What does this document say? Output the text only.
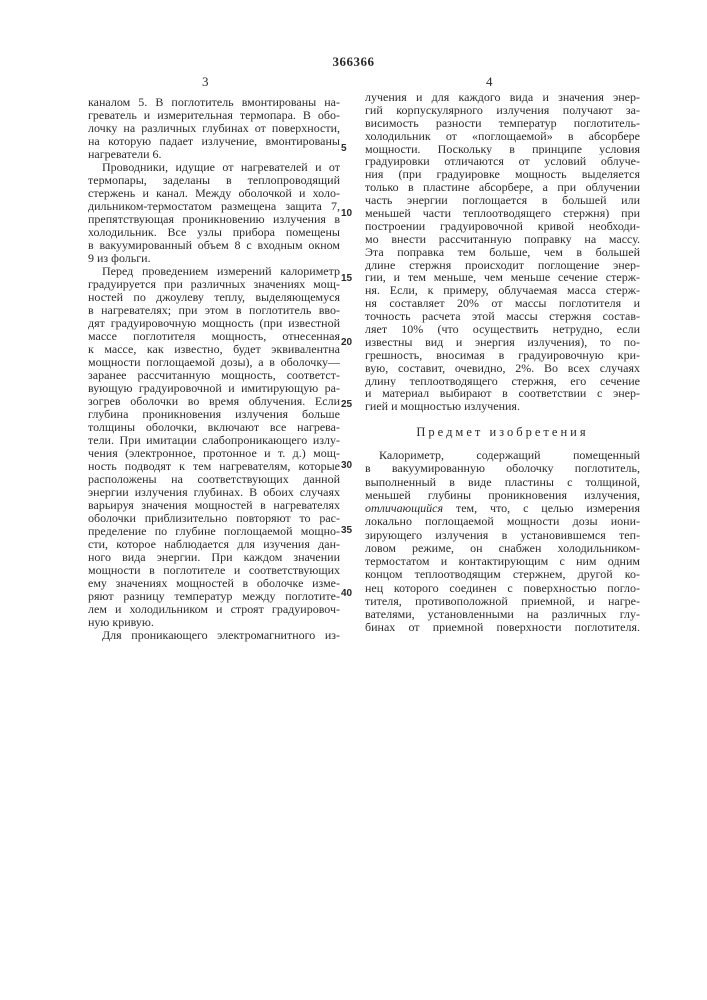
366366
3	4
каналом 5. В поглотитель вмонтированы на-
греватель и измерительная термопара. В обо-
лочку на различных глубинах от поверхности,
на которую падает излучение, вмонтированы
нагреватели 6.
Проводники, идущие от нагревателей и от
термопары, заделаны в теплопроводящий
стержень и канал. Между оболочкой и холо-
дильником-термостатом размещена защита 7,
препятствующая проникновению излучения в
холодильник. Все узлы прибора помещены
в вакуумированный объем 8 с входным окном
9 из фольги.
Перед проведением измерений калориметр
градуируется при различных значениях мощ-
ностей по джоулеву теплу, выделяющемуся
в нагревателях; при этом в поглотитель вво-
дят градуировочную мощность (при известной
массе поглотителя мощность, отнесенная
к массе, как известно, будет эквивалентна
мощности поглощаемой дозы), а в оболочку—
заранее рассчитанную мощность, соответст-
вующую градуировочной и имитирующую ра-
зогрев оболочки во время облучения. Если
глубина проникновения излучения больше
толщины оболочки, включают все нагрева-
тели. При имитации слабопроникающего излу-
чения (электронное, протонное и т. д.) мощ-
ность подводят к тем нагревателям, которые
расположены на соответствующих данной
энергии излучения глубинах. В обоих случаях
варьируя значения мощностей в нагревателях
оболочки приблизительно повторяют то рас-
пределение по глубине поглощаемой мощно-
сти, которое наблюдается для изучения дан-
ного вида энергии. При каждом значении
мощности в поглотителе и соответствующих
ему значениях мощностей в оболочке изме-
ряют разницу температур между поглотите-
лем и холодильником и строят градуировоч-
ную кривую.
Для проникающего электромагнитного из-
лучения и для каждого вида и значения энер-
гий корпускулярного излучения получают за-
висимость разности температур поглотитель-
холодильник от «поглощаемой» в абсорбере
мощности. Поскольку в принципе условия
градуировки отличаются от условий облуче-
ния (при градуировке мощность выделяется
только в пластине абсорбере, а при облучении
часть энергии поглощается в большей или
меньшей части теплоотводящего стержня) при
построении градуировочной кривой необходи-
мо внести рассчитанную поправку на массу.
Эта поправка тем больше, чем в большей
длине стержня происходит поглощение энер-
гии, и тем меньше, чем меньше сечение стерж-
ня. Если, к примеру, облучаемая масса стерж-
ня составляет 20% от массы поглотителя и
точность расчета этой массы стержня состав-
ляет 10% (что осуществить нетрудно, если
известны вид и энергия излучения), то по-
грешность, вносимая в градуировочную кри-
вую, составит, очевидно, 2%. Во всех случаях
длину теплоотводящего стержня, его сечение
и материал выбирают в соответствии с энер-
гией и мощностью излучения.
Предмет изобретения
Калориметр, содержащий помещенный
в вакуумированную оболочку поглотитель,
выполненный в виде пластины с толщиной,
меньшей глубины проникновения излучения,
отличающийся тем, что, с целью измерения
локально поглощаемой мощности дозы иони-
зирующего излучения в установившемся теп-
ловом режиме, он снабжен холодильником-
термостатом и контактирующим с ним одним
концом теплоотводящим стержнем, другой ко-
нец которого соединен с поверхностью погло-
тителя, противоположной приемной, и нагре-
вателями, установленными на различных глу-
бинах от приемной поверхности поглотителя.
5
10
15
20
25
30
35
40
